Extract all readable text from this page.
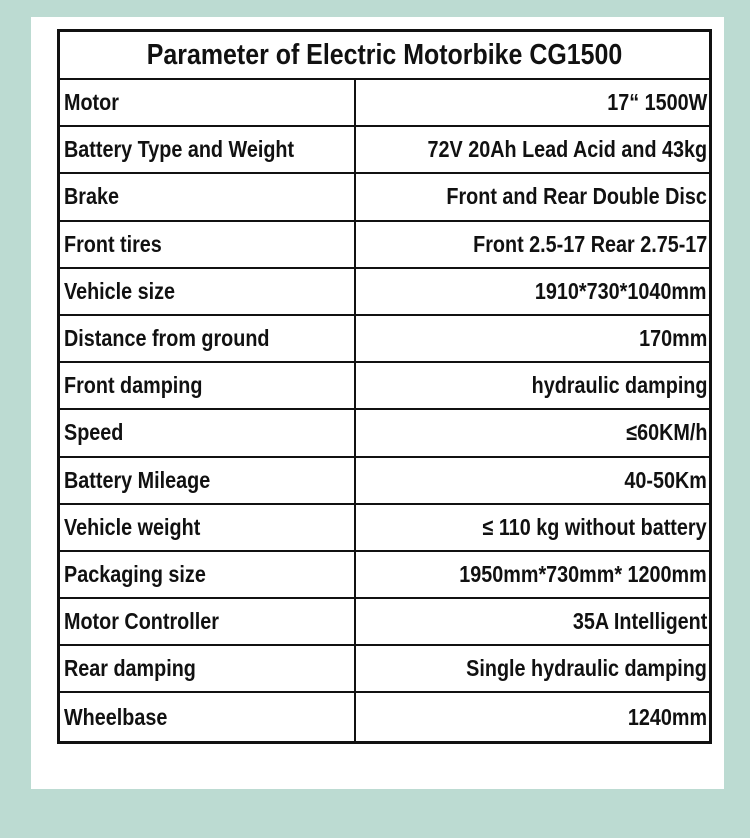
Parameter of Electric Motorbike CG1500
Motor	17“ 1500W
Battery Type and Weight	72V 20Ah Lead Acid and 43kg
Brake	Front and Rear Double Disc
Front tires	Front 2.5-17 Rear 2.75-17
Vehicle size	1910*730*1040mm
Distance from ground	170mm
Front damping	hydraulic damping
Speed	≤60KM/h
Battery Mileage	40-50Km
Vehicle weight	≤ 110 kg without battery
Packaging size	1950mm*730mm* 1200mm
Motor Controller	35A Intelligent
Rear damping	Single hydraulic damping
Wheelbase	1240mm
